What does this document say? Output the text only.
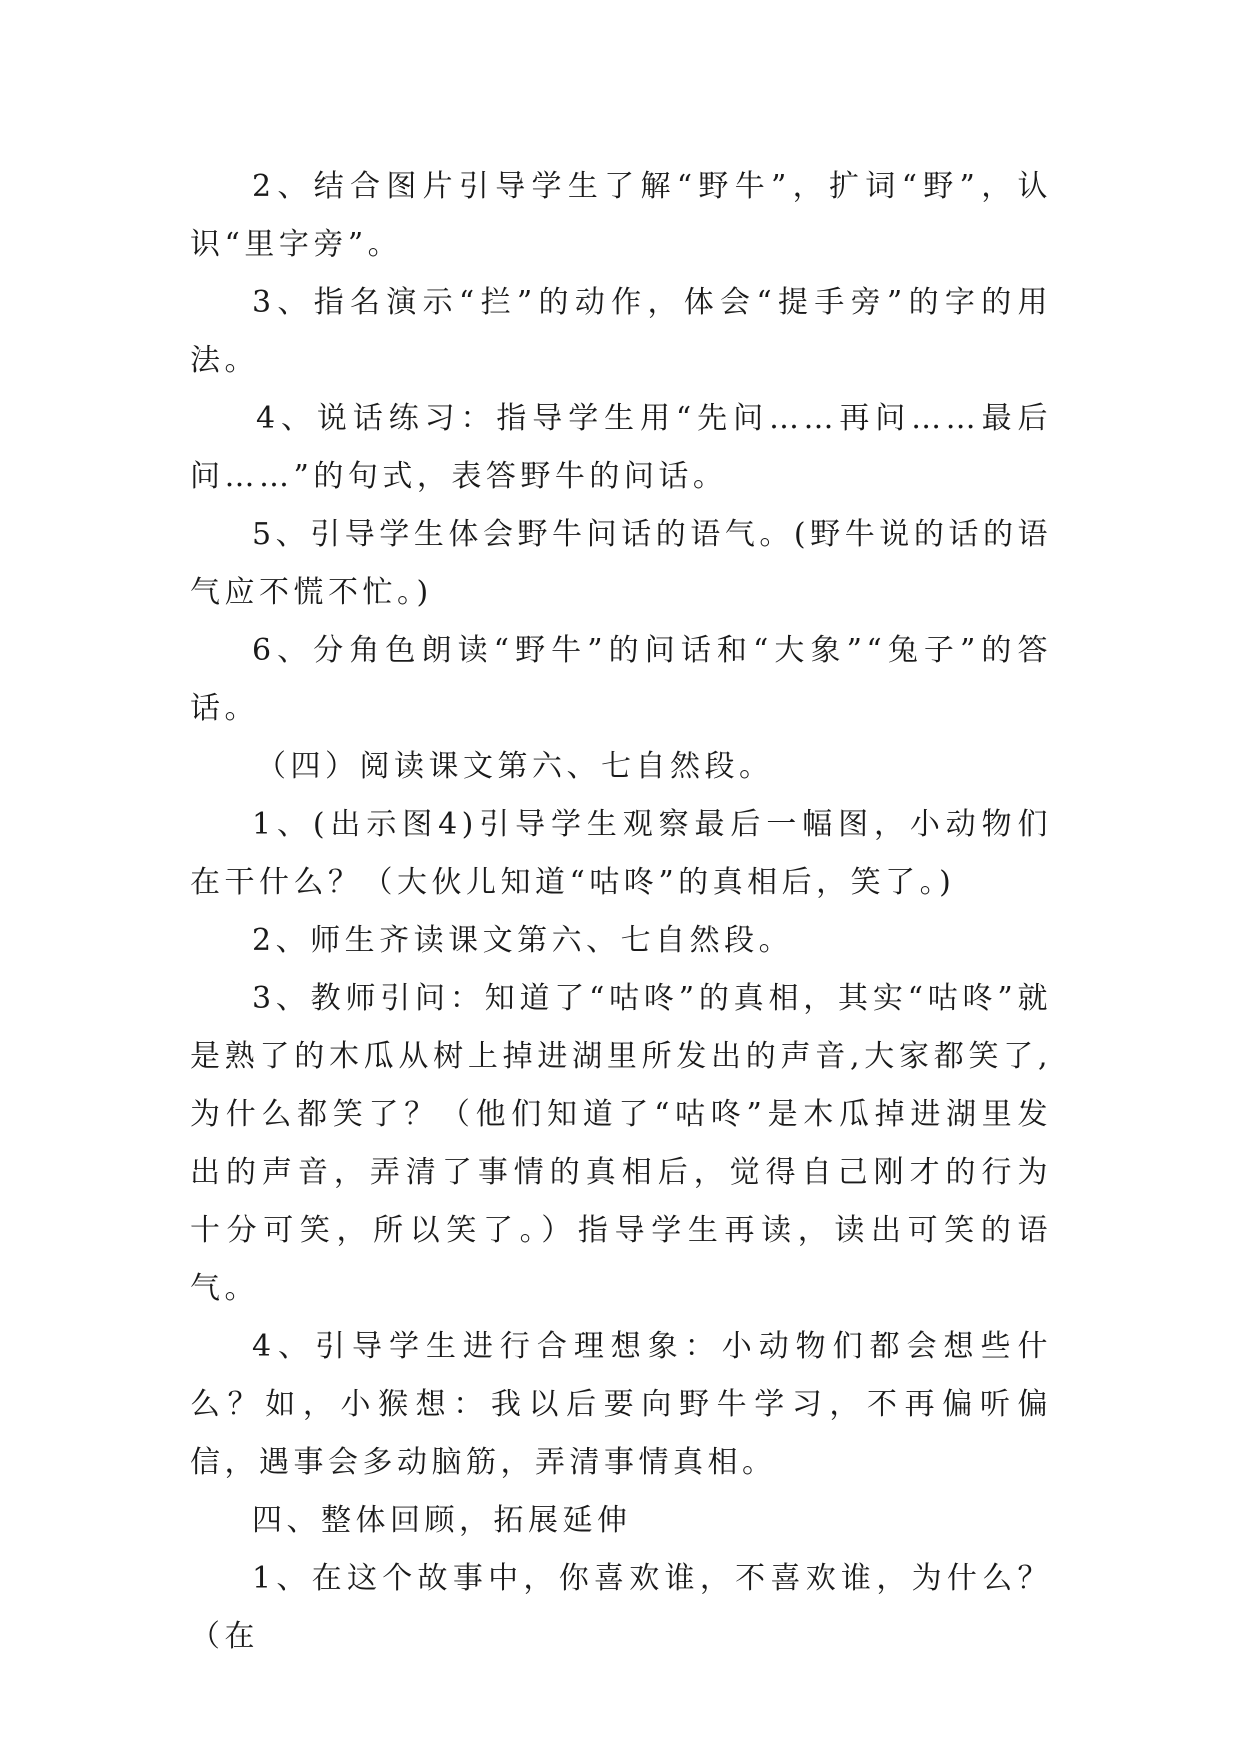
2、结合图片引导学生了解“野牛”，扩词“野”，认识“里字旁”。

3、指名演示“拦”的动作，体会“提手旁”的字的用法。

4、说话练习：指导学生用“先问……再问……最后问……”的句式，表答野牛的问话。

5、引导学生体会野牛问话的语气。(野牛说的话的语气应不慌不忙。)

6、分角色朗读“野牛”的问话和“大象”“兔子”的答话。

（四）阅读课文第六、七自然段。

1、(出示图4)引导学生观察最后一幅图，小动物们在干什么？（大伙儿知道“咕咚”的真相后，笑了。)

2、师生齐读课文第六、七自然段。

3、教师引问：知道了“咕咚”的真相，其实“咕咚”就是熟了的木瓜从树上掉进湖里所发出的声音,大家都笑了,为什么都笑了？（他们知道了“咕咚”是木瓜掉进湖里发出的声音，弄清了事情的真相后，觉得自己刚才的行为十分可笑，所以笑了。）指导学生再读，读出可笑的语气。

4、引导学生进行合理想象：小动物们都会想些什么？如，小猴想：我以后要向野牛学习，不再偏听偏信，遇事会多动脑筋，弄清事情真相。

四、整体回顾，拓展延伸

1、在这个故事中，你喜欢谁，不喜欢谁，为什么？（在
